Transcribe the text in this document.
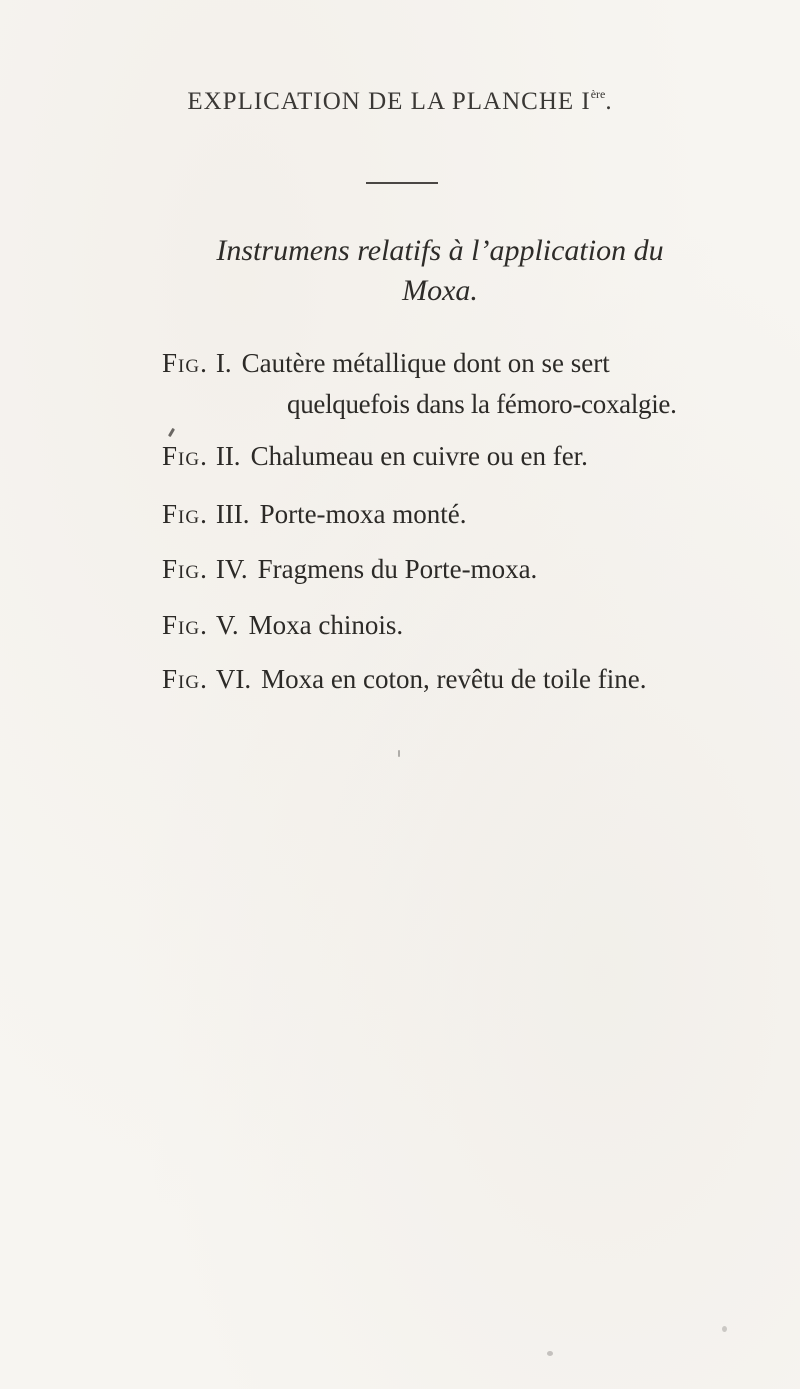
EXPLICATION DE LA PLANCHE Ière.
Instrumens relatifs à l’application du
Moxa.
Fig. I. Cautère métallique dont on se sert
quelquefois dans la fémoro-coxalgie.
Fig. II. Chalumeau en cuivre ou en fer.
Fig. III. Porte-moxa monté.
Fig. IV. Fragmens du Porte-moxa.
Fig. V. Moxa chinois.
Fig. VI. Moxa en coton, revêtu de toile fine.
